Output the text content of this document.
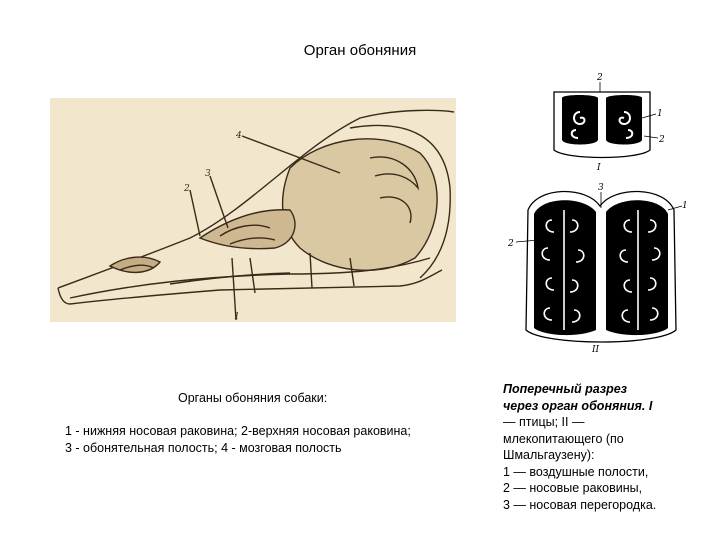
Орган обоняния
4
3
2
1
Органы обоняния собаки:
1 - нижняя носовая раковина; 2-верхняя носовая раковина;
3 - обонятельная полость; 4 - мозговая полость
2
1
2
I
3
1
2
II
Поперечный разрез
через орган обоняния. I
— птицы; II —
млекопитающего (по
Шмальгаузену):
1 — воздушные полости,
2 — носовые раковины,
3 — носовая перегородка.
